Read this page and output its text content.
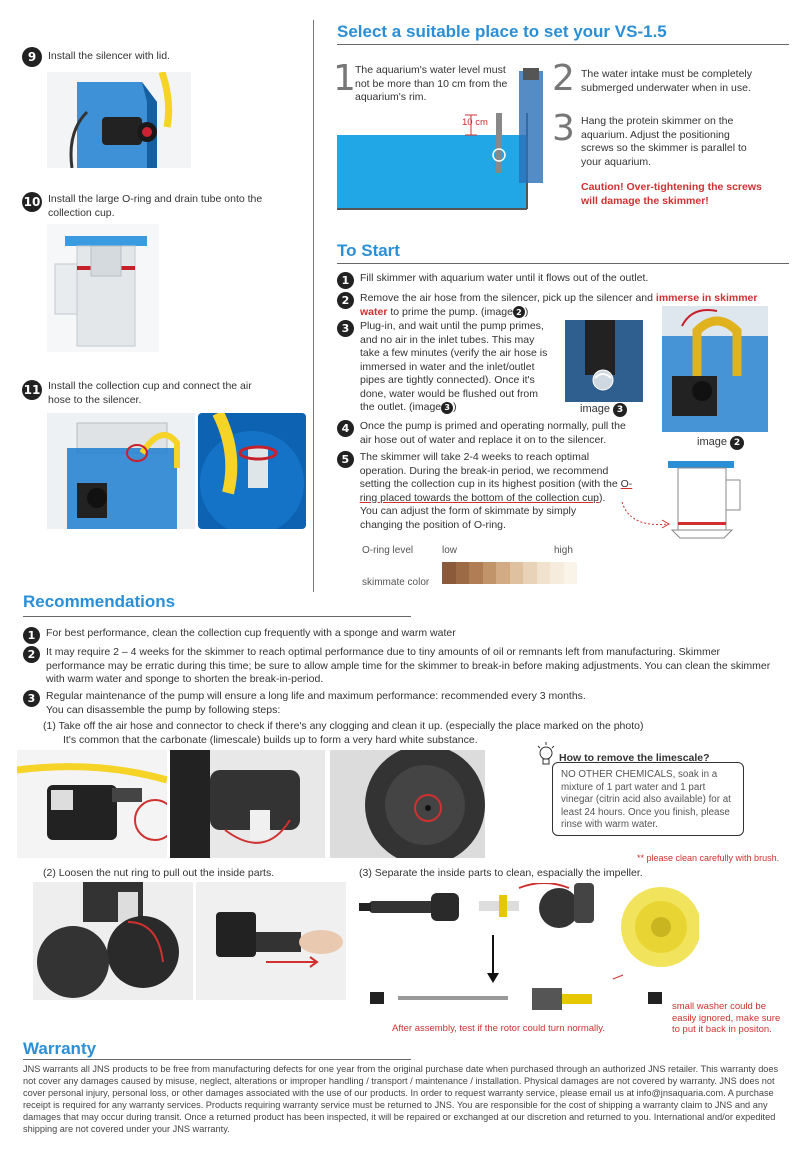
9	Install the silencer with lid.
10 Install the large O-ring and drain tube onto the collection cup.
11 Install the collection cup and connect the air hose to the silencer.
Select a suitable place to set your VS-1.5
1 The aquarium's water level must not be more than 10 cm from the aquarium's rim.
10 cm
2 The water intake must be completely submerged underwater when in use.
3 Hang the protein skimmer on the aquarium. Adjust the positioning screws so the skimmer is parallel to your aquarium.
Caution! Over-tightening the screws will damage the skimmer!
To Start
1	Fill skimmer with aquarium water until it flows out of the outlet.
2	Remove the air hose from the silencer, pick up the silencer and immerse in skimmer water to prime the pump. (image 2 )
3	Plug-in, and wait until the pump primes, and no air in the inlet tubes. This may take a few minutes (verify the air hose is immersed in water and the inlet/outlet pipes are tightly connected). Once it's done, water would be flushed out from the outlet. (image 3 )	image 3
image 2
4	Once the pump is primed and operating normally, pull the air hose out of water and replace it on to the silencer.
5	The skimmer will take 2-4 weeks to reach optimal operation. During the break-in period, we recommend setting the collection cup in its highest position (with the O-ring placed towards the bottom of the collection cup).
You can adjust the form of skimmate by simply changing the position of O-ring.
O-ring level	low	high
skimmate color
Recommendations
1	For best performance, clean the collection cup frequently with a sponge and warm water
2	It may require 2 – 4 weeks for the skimmer to reach optimal performance due to tiny amounts of oil or remnants left from manufacturing. Skimmer performance may be erratic during this time; be sure to allow ample time for the skimmer to break-in before making adjustments. You can clean the skimmer with warm water and sponge to shorten the break-in-period.
3	Regular maintenance of the pump will ensure a long life and maximum performance: recommended every 3 months.
You can disassemble the pump by following steps:
(1) Take off the air hose and connector to check if there's any clogging and clean it up. (especially the place marked on the photo)
It's common that the carbonate (limescale) builds up to form a very hard white substance.
How to remove the limescale?
NO OTHER CHEMICALS, soak in a mixture of 1 part water and 1 part vinegar (citrin acid also available) for at least 24 hours. Once you finish, please rinse with warm water.
** please clean carefully with brush.
(2) Loosen the nut ring to pull out the inside parts.	(3) Separate the inside parts to clean, espacially the impeller.
small washer could be easily ignored, make sure to put it back in positon.
After assembly, test if the rotor could turn normally.
Warranty
JNS warrants all JNS products to be free from manufacturing defects for one year from the original purchase date when purchased through an authorized JNS retailer. This warranty does not cover any damages caused by misuse, neglect, alterations or improper handling / transport / maintenance / installation. Physical damages are not covered by warranty. JNS does not cover personal injury, personal loss, or other damages associated with the use of our products. In order to request warranty service, please email us at info@jnsaquaria.com. A purchase receipt is required for any warranty services. Products requiring warranty service must be returned to JNS. You are responsible for the cost of shipping a warranty claim to JNS and any damages that may occur during transit. Once a returned product has been inspected, it will be repaired or exchanged at our discretion and returned to you. International and/or expedited shipping are not covered under your JNS warranty.
